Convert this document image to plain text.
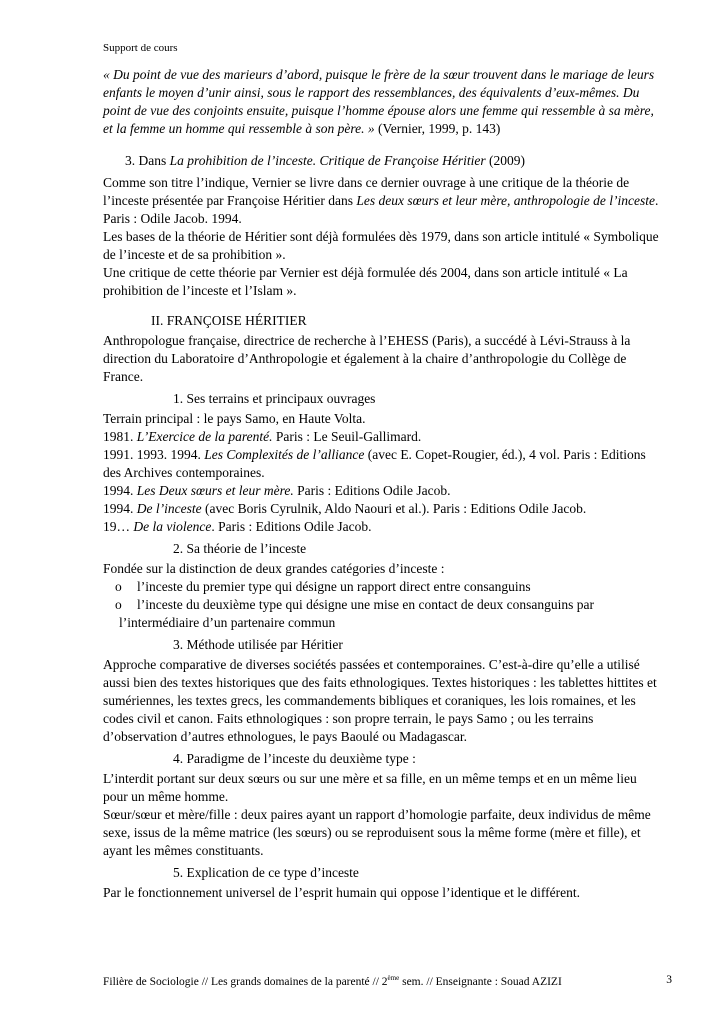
Support de cours

« Du point de vue des marieurs d’abord, puisque le frère de la sœur trouvent dans le mariage de leurs enfants le moyen d’unir ainsi, sous le rapport des ressemblances, des équivalents d’eux-mêmes. Du point de vue des conjoints ensuite, puisque l’homme épouse alors une femme qui ressemble à sa mère, et la femme un homme qui ressemble à son père. » (Vernier, 1999, p. 143)

3. Dans La prohibition de l’inceste. Critique de Françoise Héritier (2009)

Comme son titre l’indique, Vernier se livre dans ce dernier ouvrage à une critique de la théorie de l’inceste présentée par Françoise Héritier dans Les deux sœurs et leur mère, anthropologie de l’inceste. Paris : Odile Jacob. 1994.

Les bases de la théorie de Héritier sont déjà formulées dès 1979, dans son article intitulé « Symbolique de l’inceste et de sa prohibition ».

Une critique de cette théorie par Vernier est déjà formulée dés 2004, dans son article intitulé « La prohibition de l’inceste et l’Islam ».

II. FRANÇOISE HÉRITIER

Anthropologue française, directrice de recherche à l’EHESS (Paris), a succédé à Lévi-Strauss à la direction du Laboratoire d’Anthropologie et également à la chaire d’anthropologie du Collège de France.

1. Ses terrains et principaux ouvrages

Terrain principal : le pays Samo, en Haute Volta.

1981. L’Exercice de la parenté. Paris : Le Seuil-Gallimard.

1991. 1993. 1994. Les Complexités de l’alliance (avec E. Copet-Rougier, éd.), 4 vol. Paris : Editions des Archives contemporaines.

1994. Les Deux sœurs et leur mère. Paris : Editions Odile Jacob.

1994. De l’inceste (avec Boris Cyrulnik, Aldo Naouri et al.). Paris : Editions Odile Jacob.

19… De la violence. Paris : Editions Odile Jacob.

2. Sa théorie de l’inceste

Fondée sur la distinction de deux grandes catégories d’inceste :

o l’inceste du premier type qui désigne un rapport direct entre consanguins
o l’inceste du deuxième type qui désigne une mise en contact de deux consanguins par

l’intermédiaire d’un partenaire commun

3. Méthode utilisée par Héritier

Approche comparative de diverses sociétés passées et contemporaines. C’est-à-dire qu’elle a utilisé aussi bien des textes historiques que des faits ethnologiques. Textes historiques : les tablettes hittites et sumériennes, les textes grecs, les commandements bibliques et coraniques, les lois romaines, et les codes civil et canon. Faits ethnologiques : son propre terrain, le pays Samo ; ou les terrains d’observation d’autres ethnologues, le pays Baoulé ou Madagascar.

4. Paradigme de l’inceste du deuxième type :

L’interdit portant sur deux sœurs ou sur une mère et sa fille, en un même temps et en un même lieu pour un même homme.

Sœur/sœur et mère/fille : deux paires ayant un rapport d’homologie parfaite, deux individus de même sexe, issus de la même matrice (les sœurs) ou se reproduisent sous la même forme (mère et fille), et ayant les mêmes constituants.

5. Explication de ce type d’inceste

Par le fonctionnement universel de l’esprit humain qui oppose l’identique et le différent.

Filière de Sociologie // Les grands domaines de la parenté // 2ème sem. // Enseignante : Souad AZIZI	3
